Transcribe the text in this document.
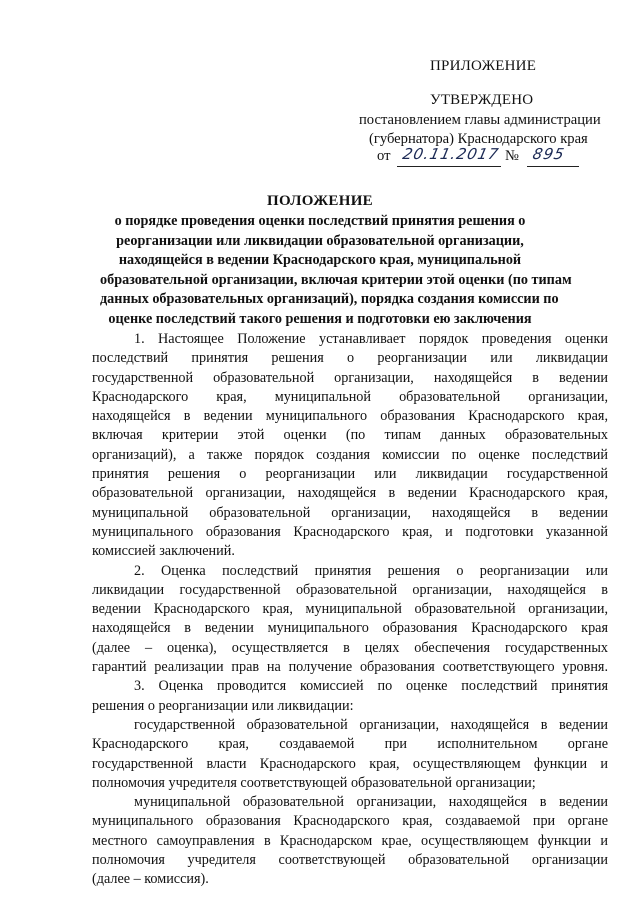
ПРИЛОЖЕНИЕ
УТВЕРЖДЕНО
постановлением главы администрации
(губернатора) Краснодарского края
от 20.11.2017 № 895
ПОЛОЖЕНИЕ
о порядке проведения оценки последствий принятия решения о
реорганизации или ликвидации образовательной организации,
находящейся в ведении Краснодарского края, муниципальной
образовательной организации, включая критерии этой оценки (по типам
данных образовательных организаций), порядка создания комиссии по
оценке последствий такого решения и подготовки ею заключения
1. Настоящее Положение устанавливает порядок проведения оценки
последствий принятия решения о реорганизации или ликвидации
государственной образовательной организации, находящейся в ведении
Краснодарского края, муниципальной образовательной организации,
находящейся в ведении муниципального образования Краснодарского края,
включая критерии этой оценки (по типам данных образовательных
организаций), а также порядок создания комиссии по оценке последствий
принятия решения о реорганизации или ликвидации государственной
образовательной организации, находящейся в ведении Краснодарского края,
муниципальной образовательной организации, находящейся в ведении
муниципального образования Краснодарского края, и подготовки указанной
комиссией заключений.
2. Оценка последствий принятия решения о реорганизации или
ликвидации государственной образовательной организации, находящейся в
ведении Краснодарского края, муниципальной образовательной организации,
находящейся в ведении муниципального образования Краснодарского края
(далее – оценка), осуществляется в целях обеспечения государственных
гарантий реализации прав на получение образования соответствующего уровня.
3. Оценка проводится комиссией по оценке последствий принятия
решения о реорганизации или ликвидации:
государственной образовательной организации, находящейся в ведении
Краснодарского края, создаваемой при исполнительном органе
государственной власти Краснодарского края, осуществляющем функции и
полномочия учредителя соответствующей образовательной организации;
муниципальной образовательной организации, находящейся в ведении
муниципального образования Краснодарского края, создаваемой при органе
местного самоуправления в Краснодарском крае, осуществляющем функции и
полномочия учредителя соответствующей образовательной организации
(далее – комиссия).
